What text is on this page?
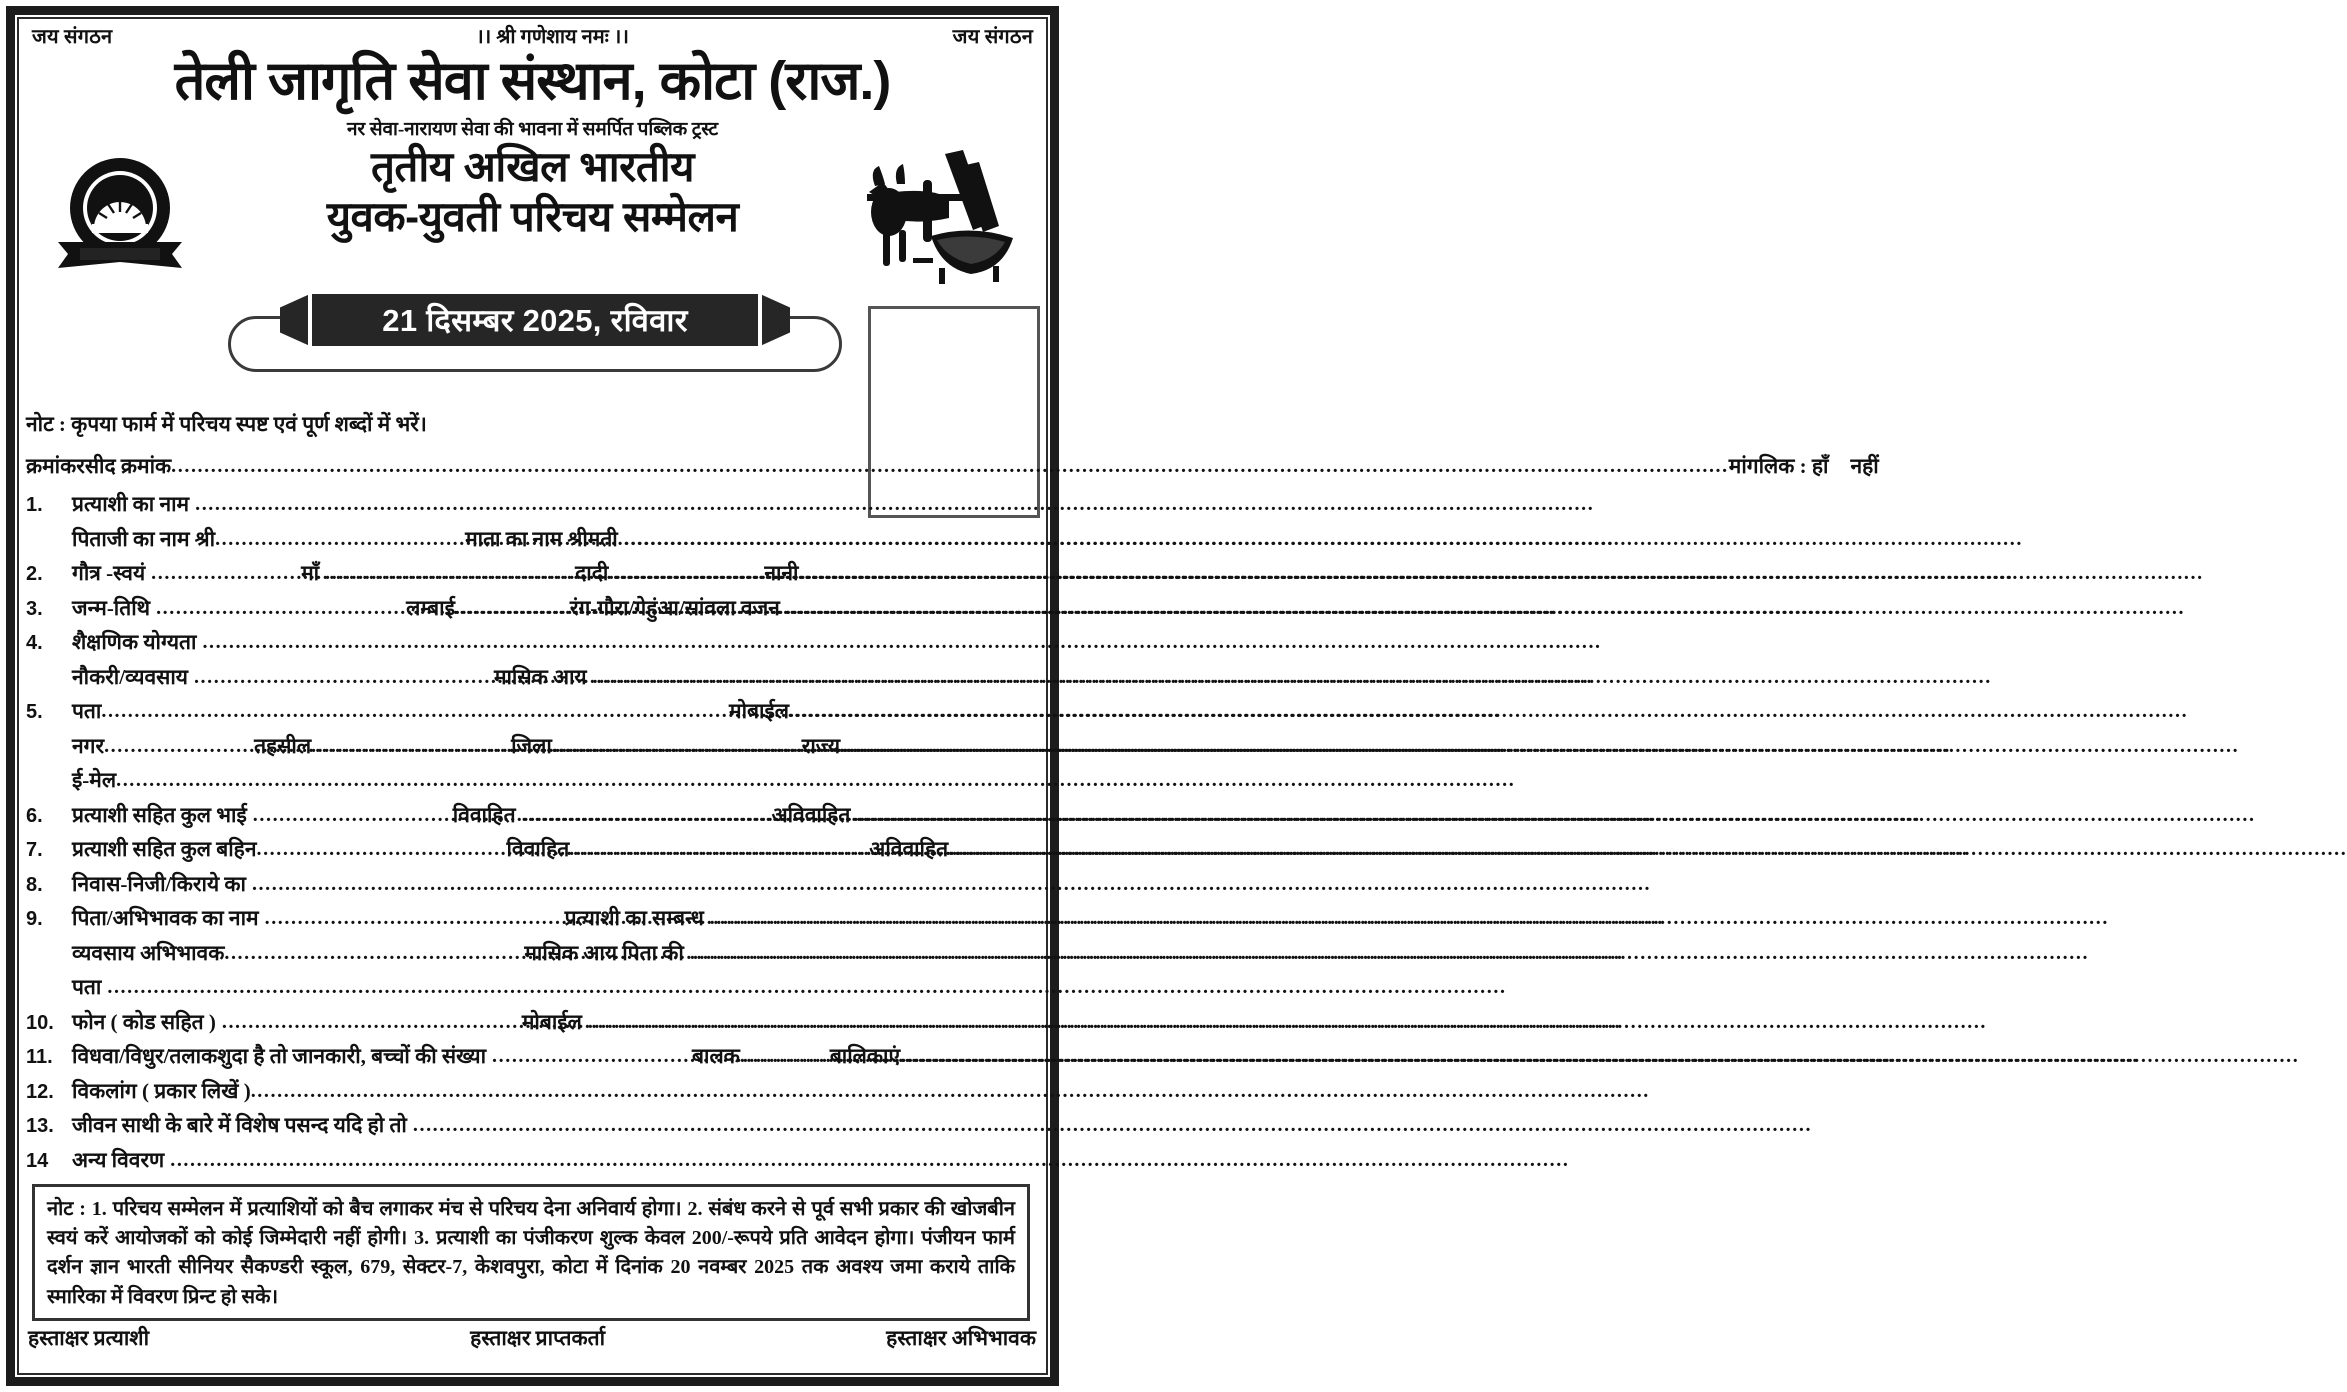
जय संगठन	।। श्री गणेशाय नमः ।।	जय संगठन
तेली जागृति सेवा संस्थान, कोटा (राज.)
नर सेवा-नारायण सेवा की भावना में समर्पित पब्लिक ट्रस्ट
तृतीय अखिल भारतीय
युवक-युवती परिचय सम्मेलन
21 दिसम्बर 2025, रविवार
नोट : कृपया फार्म में परिचय स्पष्ट एवं पूर्ण शब्दों में भरें।
क्रमांक रसीद क्रमांक........................ .....	मांगलिक : हाँ नहीं
1.	प्रत्याशी का नाम
.....
पिताजी का नाम श्री .....	माता का नाम श्रीमती
.....
2.	गौत्र -स्वयं .....	माँ .....	दादी .....	नानी
.....
3.	जन्म-तिथि .....	लम्बाई .....	रंग-गौरा/गेहुंआ/सांवला वजन
.....
4.	शैक्षणिक योग्यता
.....
नौकरी/व्यवसाय .....	मासिक आय
.....
5.	पता .....	मोबाईल
.....
नगर .....	तहसील .....	जिला .....	राज्य
.....
ई-मेल
.....
6.	प्रत्याशी सहित कुल भाई .....	विवाहित .....	अविवाहित
.....
7.	प्रत्याशी सहित कुल बहिन .....	विवाहित .....	अविवाहित
.....
8.	निवास-निजी/किराये का
.....
9.	पिता/अभिभावक का नाम .....	प्रत्याशी का सम्बन्ध
.....
व्यवसाय अभिभावक .....	मासिक आय पिता की
.....
पता
.....
10. फोन ( कोड सहित ) .....	मोबाईल
.....
11. विधवा/विधुर/तलाकशुदा है तो जानकारी, बच्चों की संख्या .....	बालक .....	बालिकाएं
.....
12. विकलांग ( प्रकार लिखें )
.....
13. जीवन साथी के बारे में विशेष पसन्द यदि हो तो
.....
14	अन्य विवरण
.....
नोट : 1. परिचय सम्मेलन में प्रत्याशियों को बैच लगाकर मंच से परिचय देना अनिवार्य होगा। 2. संबंध करने से पूर्व सभी प्रकार की खोजबीन स्वयं करें आयोजकों को कोई जिम्मेदारी नहीं होगी। 3. प्रत्याशी का पंजीकरण शुल्क केवल 200/-रूपये प्रति आवेदन होगा। पंजीयन फार्म दर्शन ज्ञान भारती सीनियर सैकण्डरी स्कूल, 679, सेक्टर-7, केशवपुरा, कोटा में दिनांक 20 नवम्बर 2025 तक अवश्य जमा कराये ताकि स्मारिका में विवरण प्रिन्ट हो सके।
हस्ताक्षर प्रत्याशी	हस्ताक्षर प्राप्तकर्ता	हस्ताक्षर अभिभावक
